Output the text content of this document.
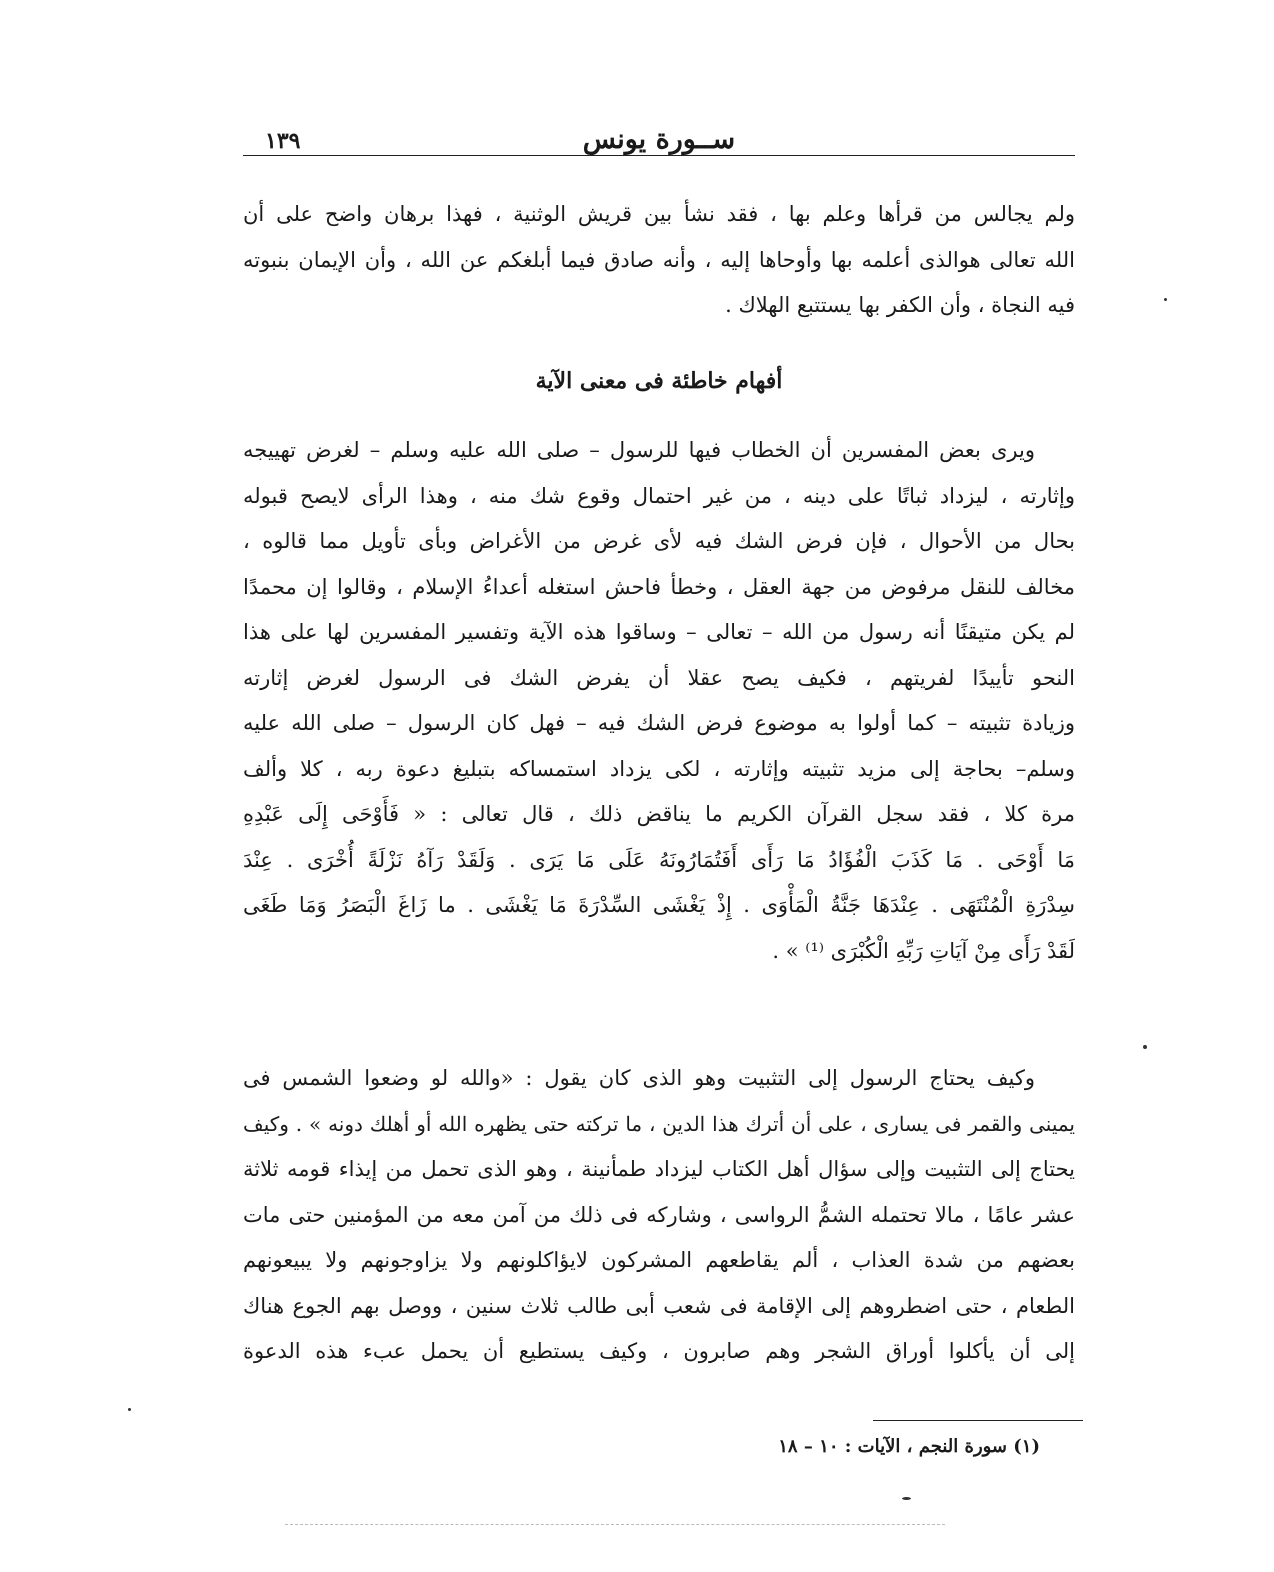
ســورة يونس
١٣٩
ولم يجالس من قرأها وعلم بها ، فقد نشأ بين قريش الوثنية ، فهذا برهان واضح على أن
الله تعالى هوالذى أعلمه بها وأوحاها إليه ، وأنه صادق فيما أبلغكم عن الله ، وأن الإيمان بنبوته
فيه النجاة ، وأن الكفر بها يستتبع الهلاك .
أفهام خاطئة فى معنى الآية
ويرى بعض المفسرين أن الخطاب فيها للرسول – صلى الله عليه وسلم – لغرض تهييجه
وإثارته ، ليزداد ثباتًا على دينه ، من غير احتمال وقوع شك منه ، وهذا الرأى لايصح قبوله
بحال من الأحوال ، فإن فرض الشك فيه لأى غرض من الأغراض وبأى تأويل مما قالوه ،
مخالف للنقل مرفوض من جهة العقل ، وخطأ فاحش استغله أعداءُ الإسلام ، وقالوا إن محمدًا
لم يكن متيقنًا أنه رسول من الله – تعالى – وساقوا هذه الآية وتفسير المفسرين لها على هذا
النحو تأييدًا لفريتهم ، فكيف يصح عقلا أن يفرض الشك فى الرسول لغرض إثارته
وزيادة تثبيته – كما أولوا به موضوع فرض الشك فيه – فهل كان الرسول – صلى الله عليه
وسلم– بحاجة إلى مزيد تثبيته وإثارته ، لكى يزداد استمساكه بتبليغ دعوة ربه ، كلا وألف
مرة كلا ، فقد سجل القرآن الكريم ما يناقض ذلك ، قال تعالى : « فَأَوْحَى إِلَى عَبْدِهِ
مَا أَوْحَى . مَا كَذَبَ الْفُؤَادُ مَا رَأَى أَفَتُمَارُونَهُ عَلَى مَا يَرَى . وَلَقَدْ رَآهُ نَزْلَةً أُخْرَى . عِنْدَ
سِدْرَةِ الْمُنْتَهَى . عِنْدَهَا جَنَّةُ الْمَأْوَى . إِذْ يَغْشَى السِّدْرَةَ مَا يَغْشَى . ما زَاغَ الْبَصَرُ وَمَا طَغَى
لَقَدْ رَأَى مِنْ آيَاتِ رَبِّهِ الْكُبْرَى ⁽¹⁾ » .
وكيف يحتاج الرسول إلى التثبيت وهو الذى كان يقول : «والله لو وضعوا الشمس فى
يمينى والقمر فى يسارى ، على أن أترك هذا الدين ، ما تركته حتى يظهره الله أو أهلك دونه » . وكيف
يحتاج إلى التثبيت وإلى سؤال أهل الكتاب ليزداد طمأنينة ، وهو الذى تحمل من إيذاء قومه ثلاثة
عشر عامًا ، مالا تحتمله الشمُّ الرواسى ، وشاركه فى ذلك من آمن معه من المؤمنين حتى مات
بعضهم من شدة العذاب ، ألم يقاطعهم المشركون لايؤاكلونهم ولا يزاوجونهم ولا يبيعونهم
الطعام ، حتى اضطروهم إلى الإقامة فى شعب أبى طالب ثلاث سنين ، ووصل بهم الجوع هناك
إلى أن يأكلوا أوراق الشجر وهم صابرون ، وكيف يستطيع أن يحمل عبء هذه الدعوة
(١) سورة النجم ، الآيات : ١٠ – ١٨
